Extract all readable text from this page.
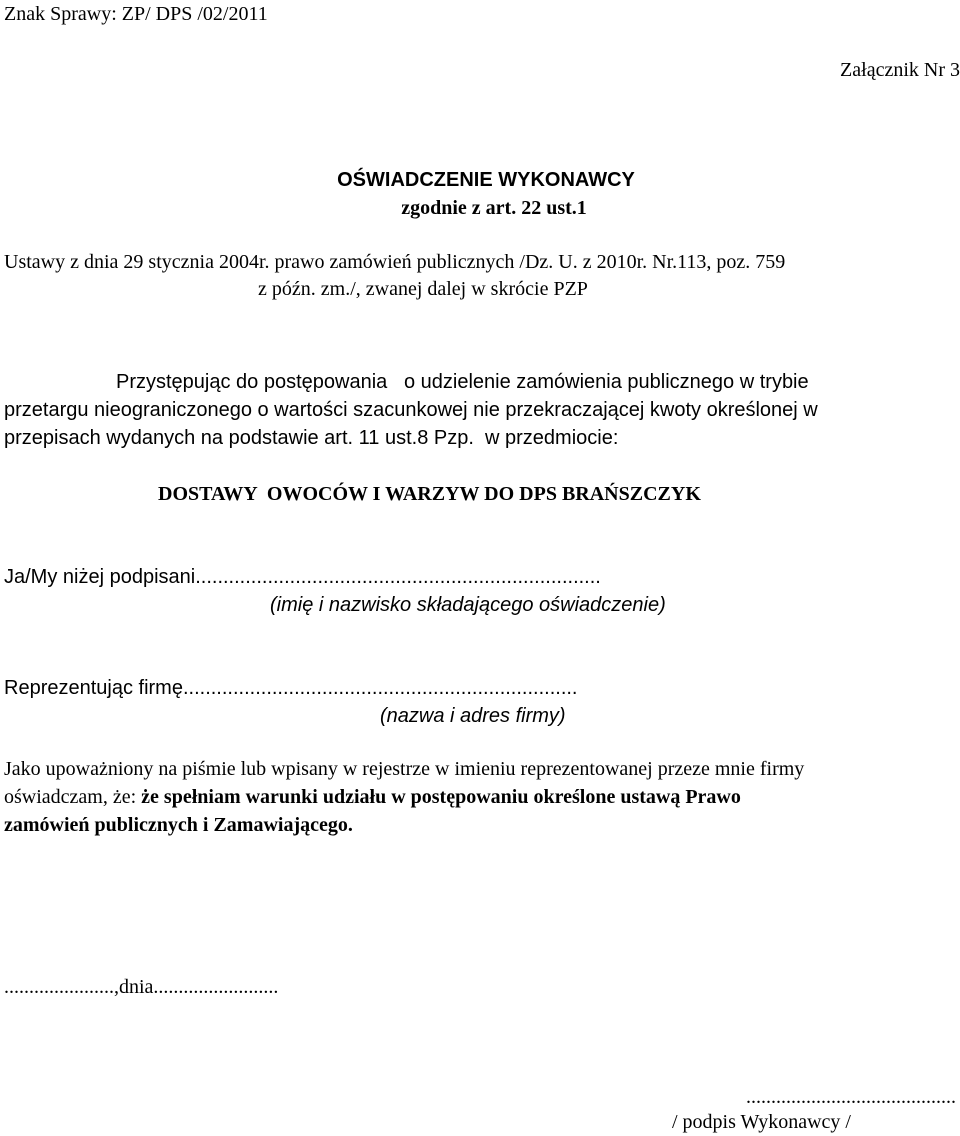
Znak Sprawy: ZP/ DPS /02/2011
Załącznik Nr 3
OŚWIADCZENIE WYKONAWCY
zgodnie z art. 22 ust.1
Ustawy z dnia 29 stycznia 2004r. prawo zamówień publicznych /Dz. U. z 2010r. Nr.113, poz. 759
z późn. zm./, zwanej dalej w skrócie PZP
Przystępując do postępowania   o udzielenie zamówienia publicznego w trybie
przetargu nieograniczonego o wartości szacunkowej nie przekraczającej kwoty określonej w
przepisach wydanych na podstawie art. 11 ust.8 Pzp.  w przedmiocie:
DOSTAWY  OWOCÓW I WARZYW DO DPS BRAŃSZCZYK
Ja/My niżej podpisani.........................................................................
(imię i nazwisko składającego oświadczenie)
Reprezentując firmę.......................................................................
(nazwa i adres firmy)
Jako upoważniony na piśmie lub wpisany w rejestrze w imieniu reprezentowanej przeze mnie firmy
oświadczam, że: że spełniam warunki udziału w postępowaniu określone ustawą Prawo
zamówień publicznych i Zamawiającego.
......................,dnia.........................
..........................................
/ podpis Wykonawcy /
